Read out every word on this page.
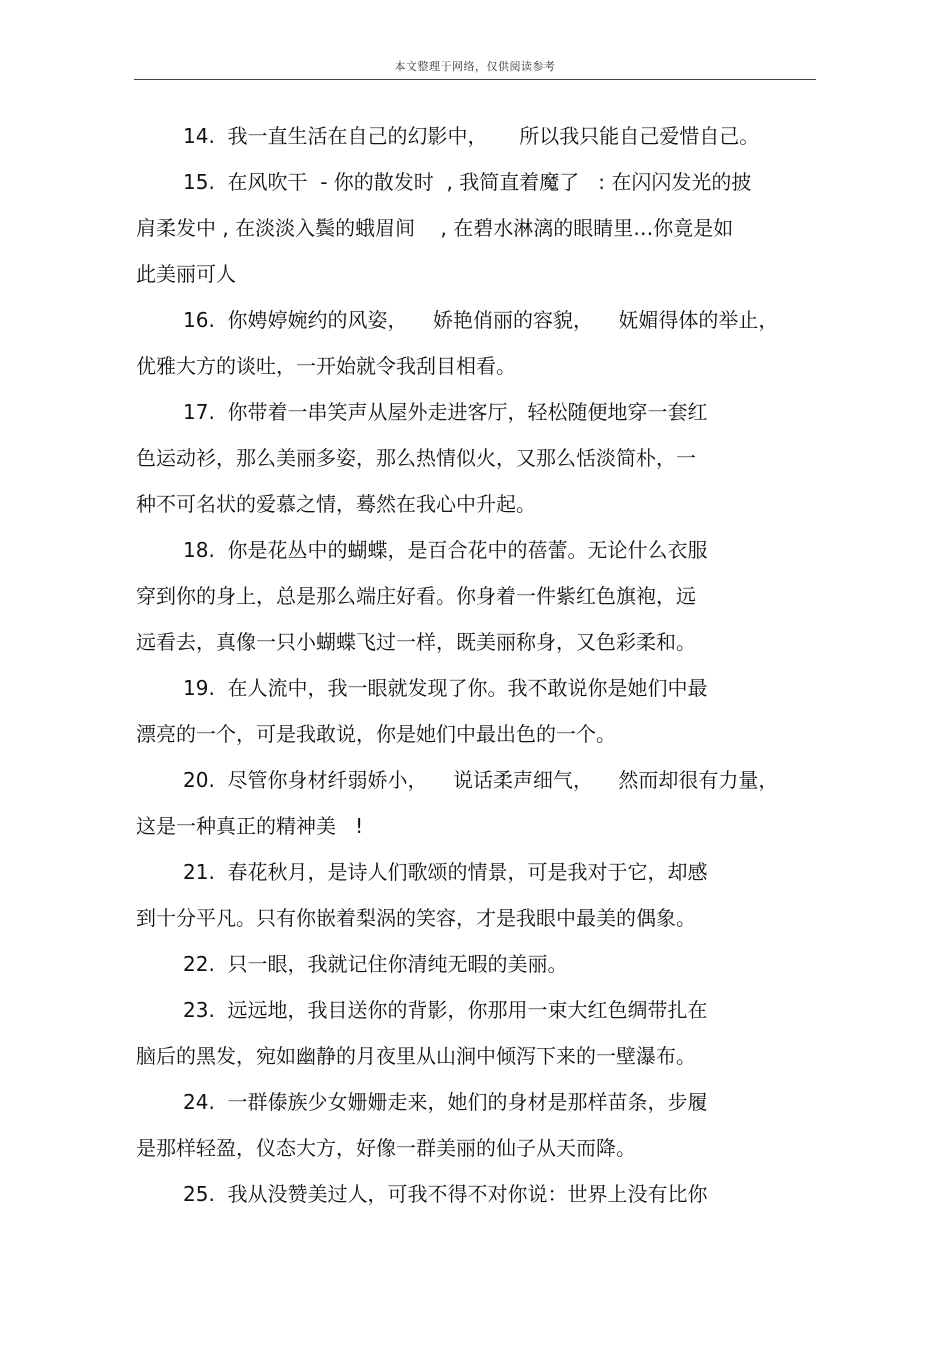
本文整理于网络，仅供阅读参考
14.  我一直生活在自己的幻影中，     所以我只能自己爱惜自己。
15.  在风吹干  - 你的散发时  , 我简直着魔了   : 在闪闪发光的披
肩柔发中 , 在淡淡入鬓的蛾眉间    , 在碧水淋漓的眼睛里…你竟是如
此美丽可人
16.  你娉婷婉约的风姿，    娇艳俏丽的容貌，    妩媚得体的举止，
优雅大方的谈吐，一开始就令我刮目相看。
17.  你带着一串笑声从屋外走进客厅，轻松随便地穿一套红
色运动衫，那么美丽多姿，那么热情似火，又那么恬淡简朴，一
种不可名状的爱慕之情，蓦然在我心中升起。
18.  你是花丛中的蝴蝶，是百合花中的蓓蕾。无论什么衣服
穿到你的身上，总是那么端庄好看。你身着一件紫红色旗袍，远
远看去，真像一只小蝴蝶飞过一样，既美丽称身，又色彩柔和。
19.  在人流中，我一眼就发现了你。我不敢说你是她们中最
漂亮的一个，可是我敢说，你是她们中最出色的一个。
20.  尽管你身材纤弱娇小，    说话柔声细气，    然而却很有力量，
这是一种真正的精神美   !
21.  春花秋月，是诗人们歌颂的情景，可是我对于它，却感
到十分平凡。只有你嵌着梨涡的笑容，才是我眼中最美的偶象。
22.  只一眼，我就记住你清纯无暇的美丽。
23.  远远地，我目送你的背影，你那用一束大红色绸带扎在
脑后的黑发，宛如幽静的月夜里从山涧中倾泻下来的一壁瀑布。
24.  一群傣族少女姗姗走来，她们的身材是那样苗条，步履
是那样轻盈，仪态大方，好像一群美丽的仙子从天而降。
25.  我从没赞美过人，可我不得不对你说：世界上没有比你
